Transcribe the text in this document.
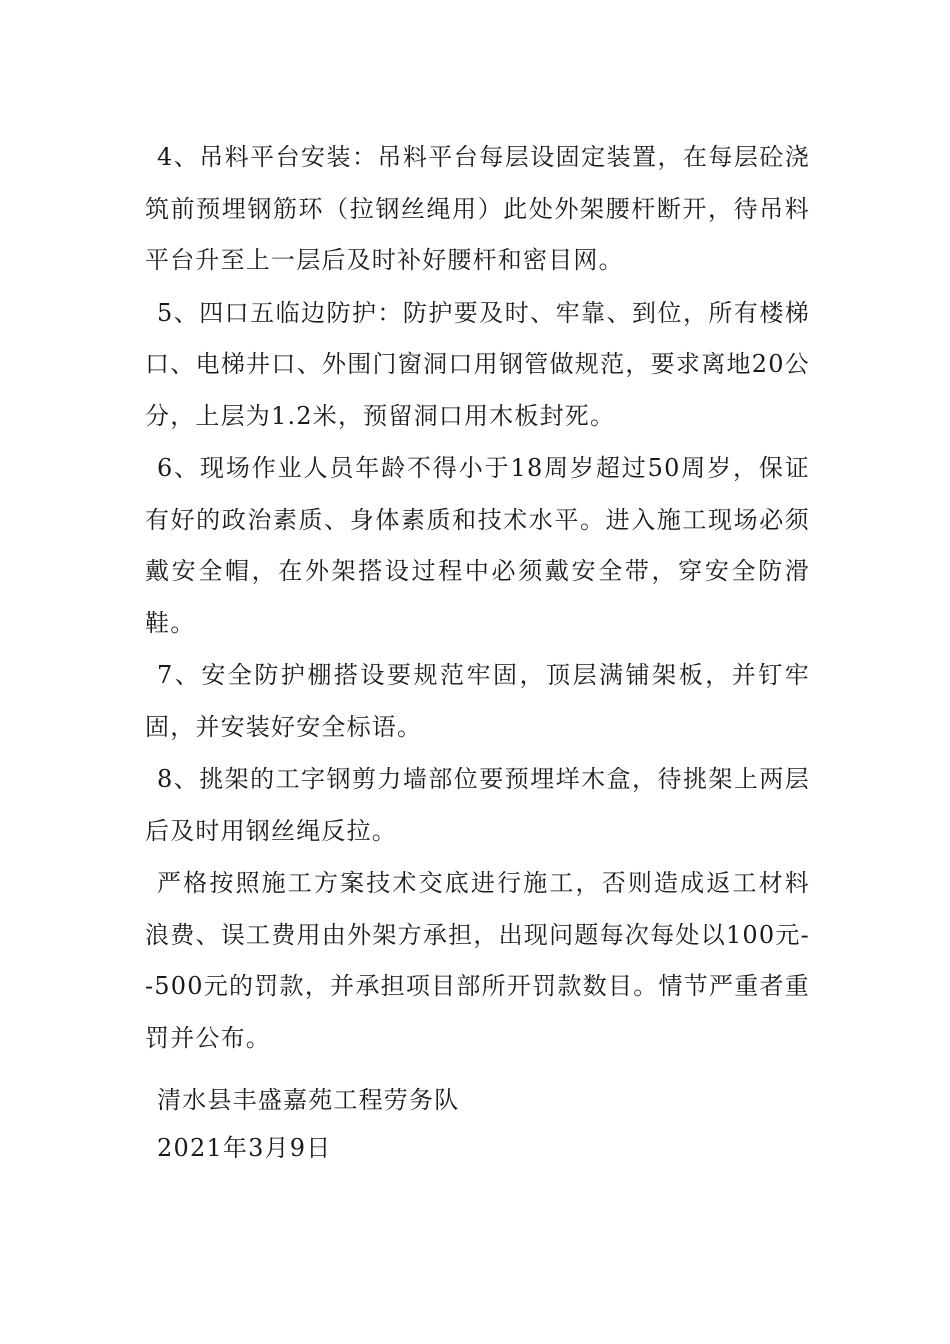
4、吊料平台安装：吊料平台每层设固定装置，在每层砼浇筑前预埋钢筋环（拉钢丝绳用）此处外架腰杆断开，待吊料平台升至上一层后及时补好腰杆和密目网。

5、四口五临边防护：防护要及时、牢靠、到位，所有楼梯口、电梯井口、外围门窗洞口用钢管做规范，要求离地20公分，上层为1.2米，预留洞口用木板封死。

6、现场作业人员年龄不得小于18周岁超过50周岁，保证有好的政治素质、身体素质和技术水平。进入施工现场必须戴安全帽，在外架搭设过程中必须戴安全带，穿安全防滑鞋。

7、安全防护棚搭设要规范牢固，顶层满铺架板，并钉牢固，并安装好安全标语。

8、挑架的工字钢剪力墙部位要预埋垟木盒，待挑架上两层后及时用钢丝绳反拉。

严格按照施工方案技术交底进行施工，否则造成返工材料浪费、误工费用由外架方承担，出现问题每次每处以100元--500元的罚款，并承担项目部所开罚款数目。情节严重者重罚并公布。

清水县丰盛嘉苑工程劳务队
2021年3月9日
